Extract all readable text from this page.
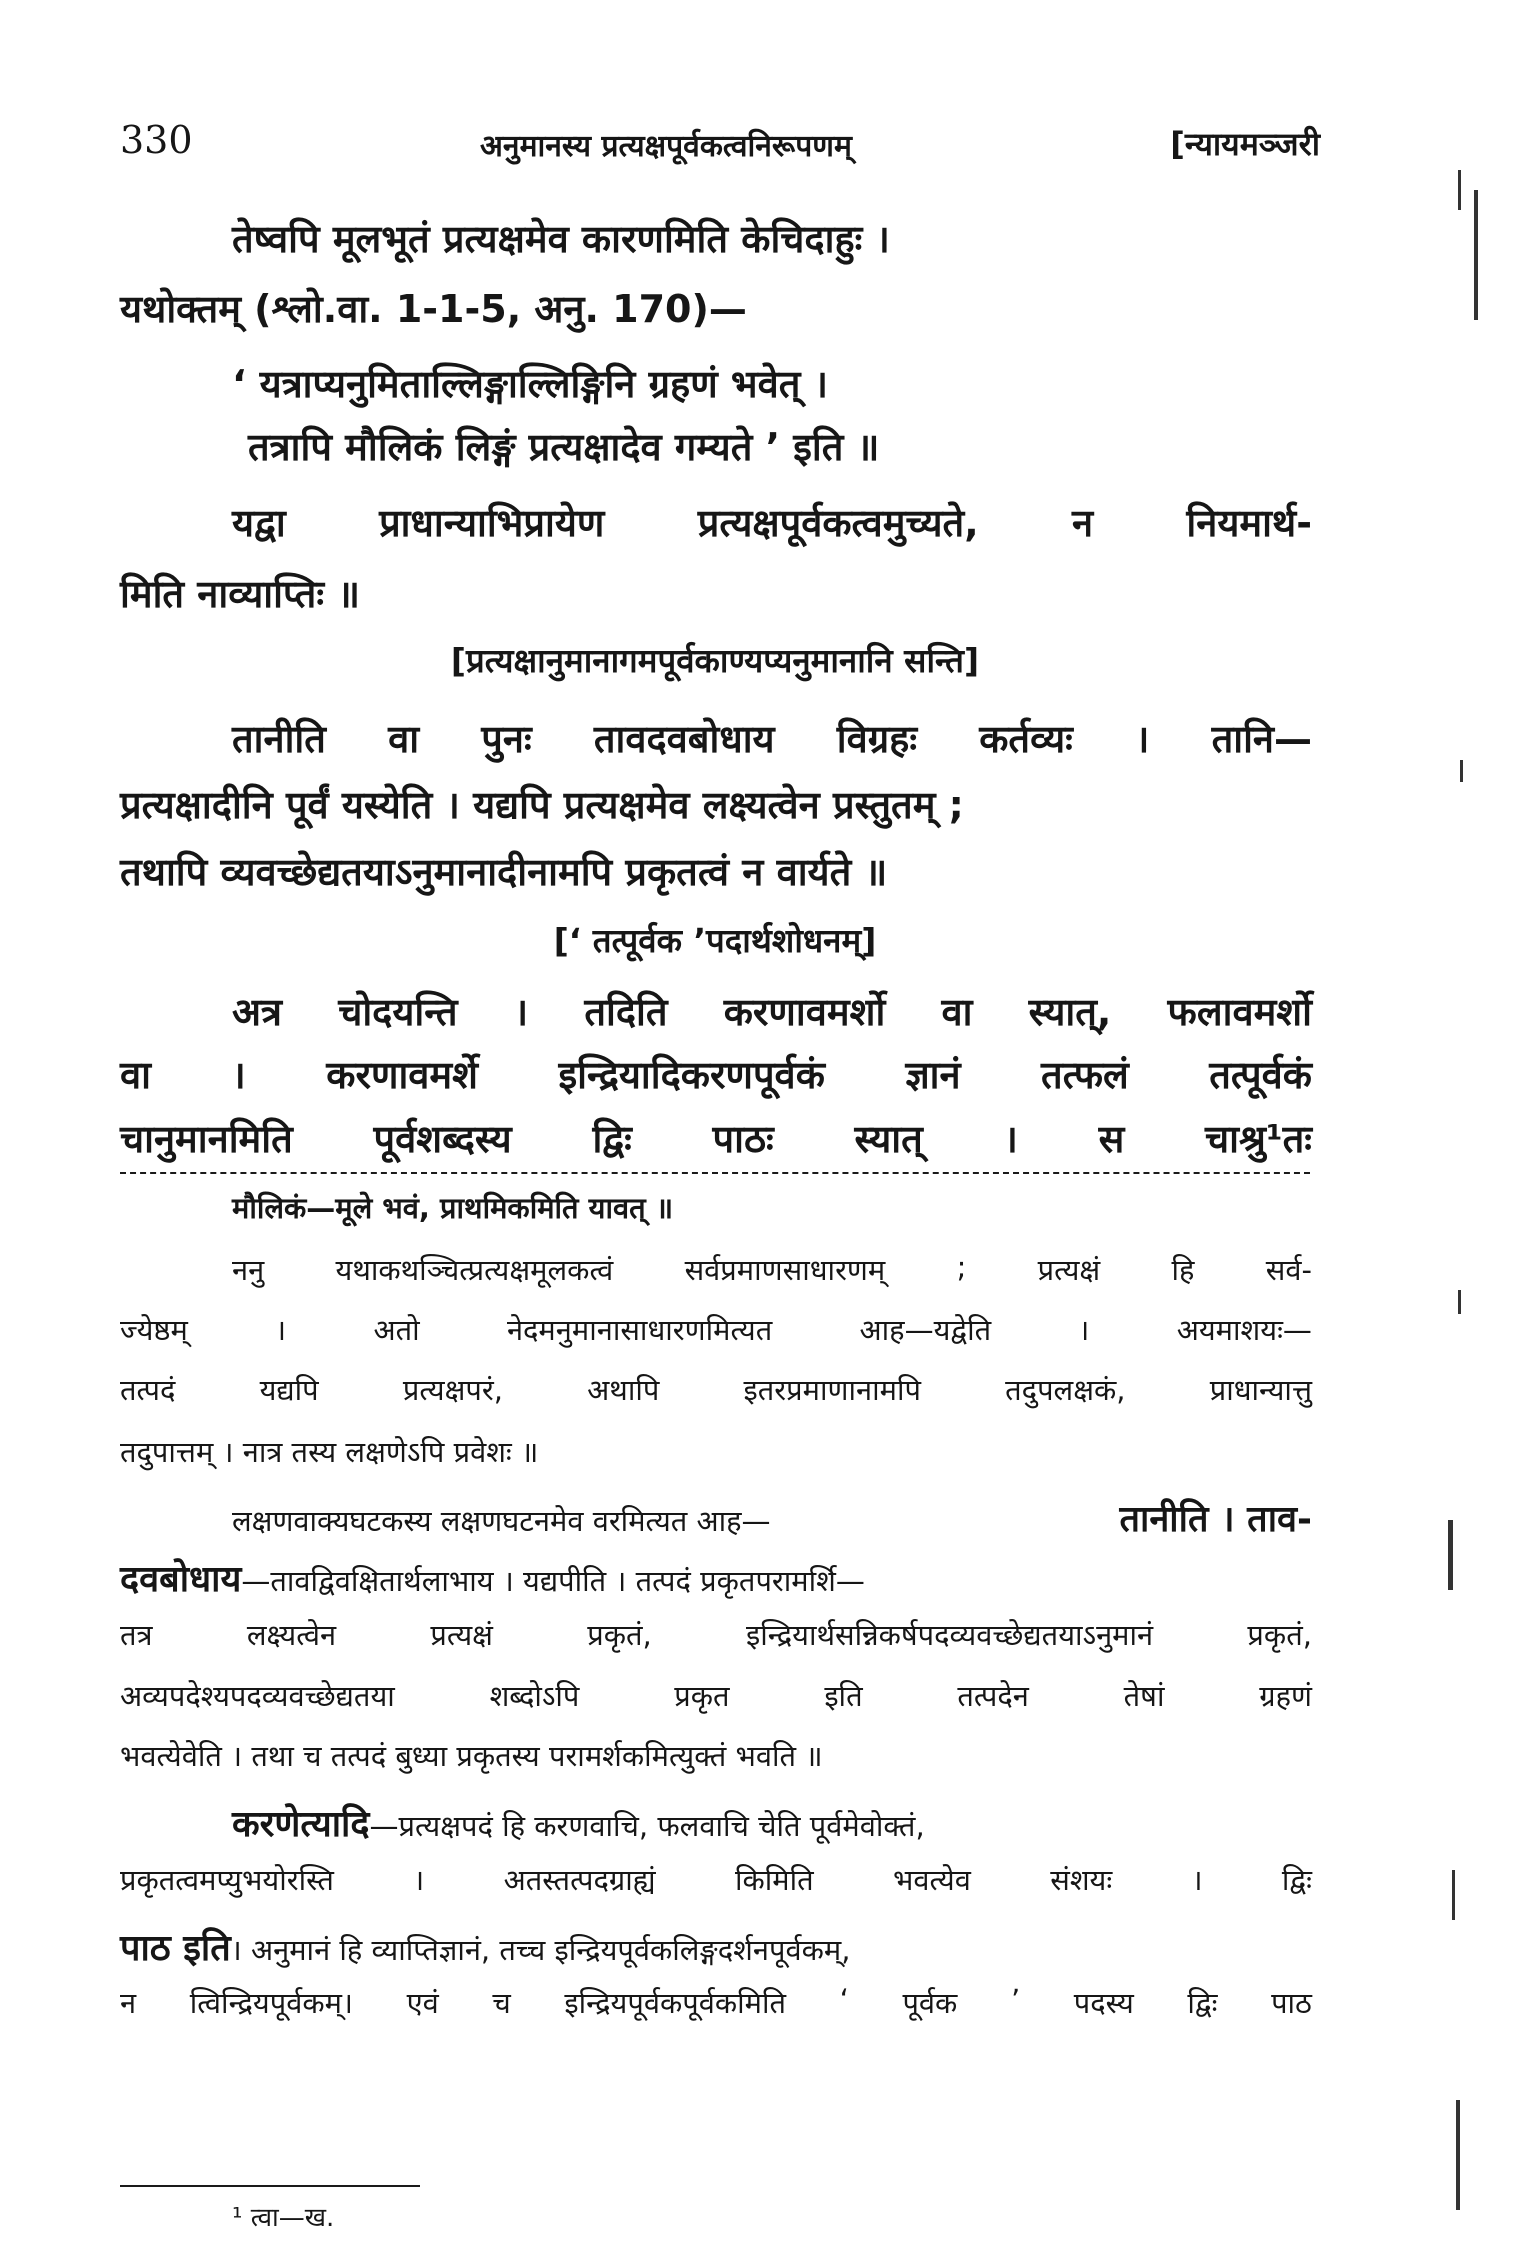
330	अनुमानस्य प्रत्यक्षपूर्वकत्वनिरूपणम्	[न्यायमञ्जरी
तेष्वपि मूलभूतं प्रत्यक्षमेव कारणमिति केचिदाहुः ।
यथोक्तम् (श्लो.वा. 1-1-5, अनु. 170)—
‘ यत्राप्यनुमिताल्लिङ्गाल्लिङ्गिनि ग्रहणं भवेत् ।
तत्रापि मौलिकं लिङ्गं प्रत्यक्षादेव गम्यते ’ इति ॥
यद्वा प्राधान्याभिप्रायेण प्रत्यक्षपूर्वकत्वमुच्यते, न नियमार्थ-
मिति नाव्याप्तिः ॥
[प्रत्यक्षानुमानागमपूर्वकाण्यप्यनुमानानि सन्ति]
तानीति वा पुनः तावदवबोधाय विग्रहः कर्तव्यः । तानि—
प्रत्यक्षादीनि पूर्वं यस्येति । यद्यपि प्रत्यक्षमेव लक्ष्यत्वेन प्रस्तुतम् ;
तथापि व्यवच्छेद्यतयाऽनुमानादीनामपि प्रकृतत्वं न वार्यते ॥
[‘ तत्पूर्वक ’पदार्थशोधनम्]
अत्र चोदयन्ति । तदिति करणावमर्शो वा स्यात्, फलावमर्शो
वा । करणावमर्शे इन्द्रियादिकरणपूर्वकं ज्ञानं तत्फलं तत्पूर्वकं
चानुमानमिति पूर्वशब्दस्य द्विः पाठः स्यात् । स चाश्रु¹तः
मौलिकं—मूले भवं, प्राथमिकमिति यावत् ॥
ननु यथाकथञ्चित्प्रत्यक्षमूलकत्वं सर्वप्रमाणसाधारणम् ; प्रत्यक्षं हि सर्व-
ज्येष्ठम्	।	अतो	नेदमनुमानासाधारणमित्यत	आह—यद्वेति	।	अयमाशयः—
तत्पदं	यद्यपि	प्रत्यक्षपरं,	अथापि	इतरप्रमाणानामपि	तदुपलक्षकं,	प्राधान्यात्तु
तदुपात्तम् । नात्र तस्य लक्षणेऽपि प्रवेशः ॥
लक्षणवाक्यघटकस्य लक्षणघटनमेव वरमित्यत आह—	तानीति । ताव-
दवबोधाय —तावद्विवक्षितार्थलाभाय । यद्यपीति । तत्पदं प्रकृतपरामर्शि—
तत्र	लक्ष्यत्वेन	प्रत्यक्षं	प्रकृतं,	इन्द्रियार्थसन्निकर्षपदव्यवच्छेद्यतयाऽनुमानं	प्रकृतं,
अव्यपदेश्यपदव्यवच्छेद्यतया	शब्दोऽपि	प्रकृत	इति	तत्पदेन	तेषां	ग्रहणं
भवत्येवेति । तथा च तत्पदं बुध्या प्रकृतस्य परामर्शकमित्युक्तं भवति ॥
करणेत्यादि —प्रत्यक्षपदं हि करणवाचि, फलवाचि चेति पूर्वमेवोक्तं,
प्रकृतत्वमप्युभयोरस्ति	।	अतस्तत्पदग्राह्यं	किमिति	भवत्येव	संशयः	।	द्विः
पाठ इति । अनुमानं हि व्याप्तिज्ञानं, तच्च इन्द्रियपूर्वकलिङ्गदर्शनपूर्वकम्,
न त्विन्द्रियपूर्वकम्। एवं च इन्द्रियपूर्वकपूर्वकमिति ‘ पूर्वक ’ पदस्य द्विः पाठ
¹ त्वा—ख.
